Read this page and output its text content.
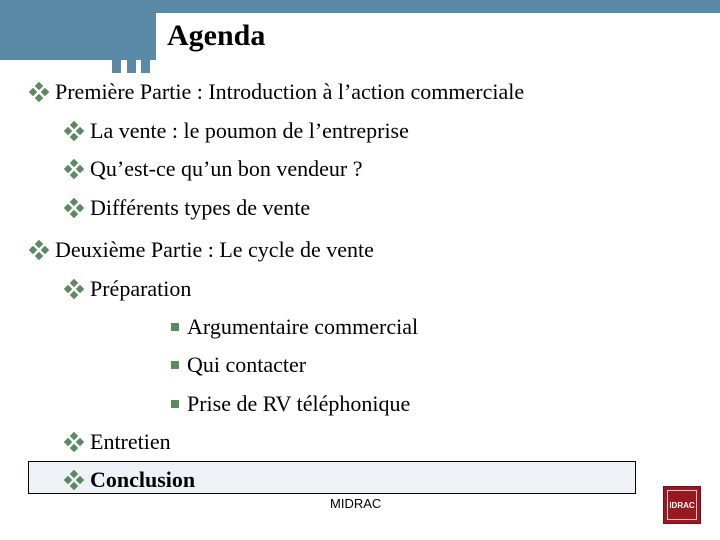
Agenda
Première Partie : Introduction à l’action commerciale
La vente : le poumon de l’entreprise
Qu’est-ce qu’un bon vendeur ?
Différents types de vente
Deuxième Partie : Le cycle de vente
Préparation
Argumentaire commercial
Qui contacter
Prise de RV téléphonique
Entretien
Conclusion
MIDRAC	IDRAC
